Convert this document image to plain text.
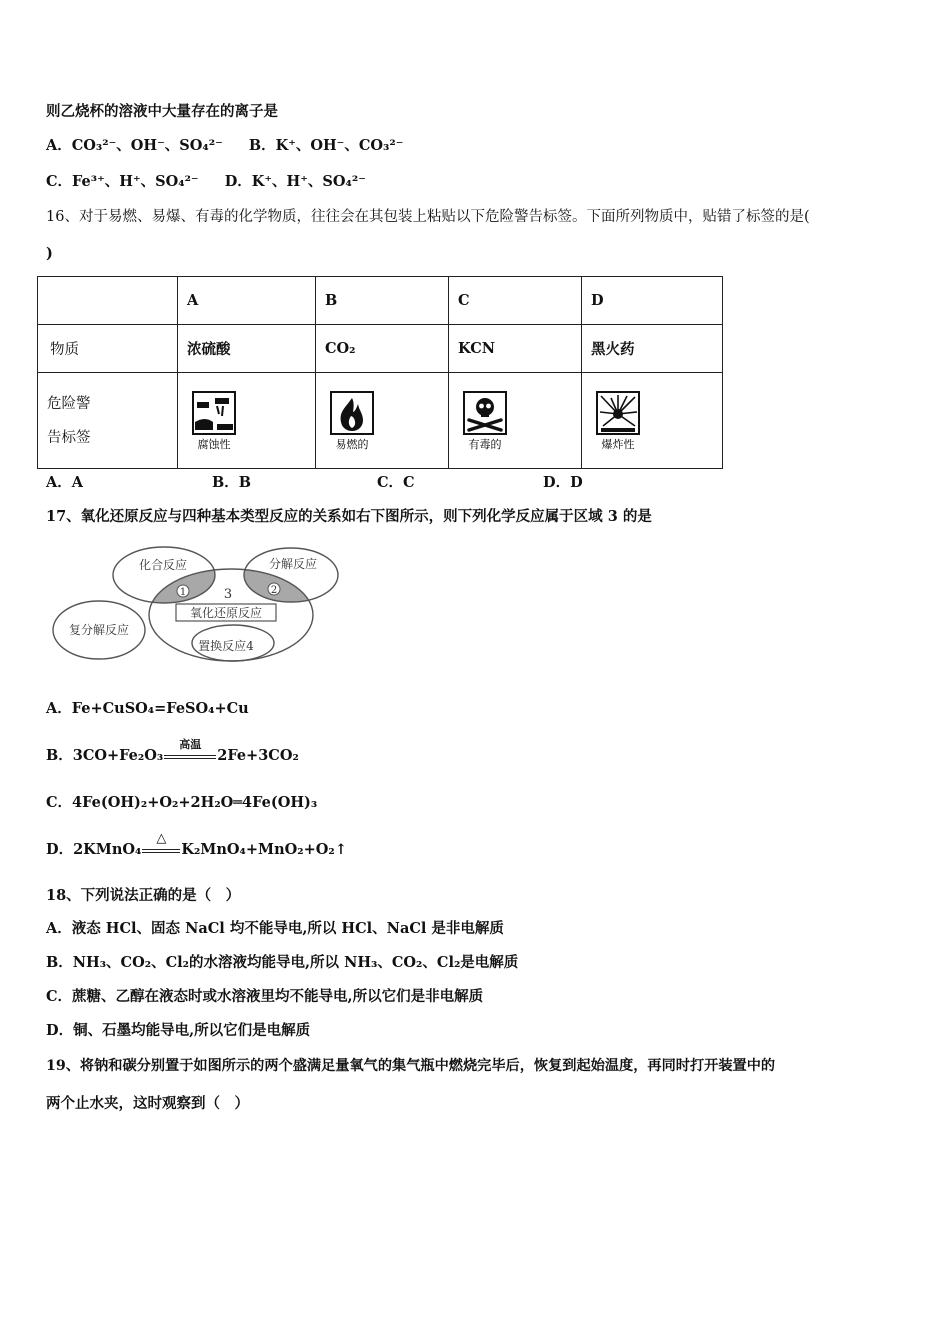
则乙烧杯的溶液中大量存在的离子是
A．CO₃²⁻、OH⁻、SO₄²⁻ B．K⁺、OH⁻、CO₃²⁻
C．Fe³⁺、H⁺、SO₄²⁻ D．K⁺、H⁺、SO₄²⁻
16、对于易燃、易爆、有毒的化学物质，往往会在其包装上粘贴以下危险警告标签。下面所列物质中，贴错了标签的是(
)
	A	B	C	D
物质	浓硫酸	CO₂	KCN	黑火药

危险警
告标签	腐蚀性	易燃的	有毒的	爆炸性
A．A	B．B	C．C	D．D
17、氧化还原反应与四种基本类型反应的关系如右下图所示，则下列化学反应属于区域 3 的是
化合反应	分解反应
复分解反应
氧化还原反应
置换反应4
1	2
3
A．Fe+CuSO₄=FeSO₄+Cu
B．3CO+Fe₂O₃
高温
2Fe+3CO₂
C．4Fe(OH)₂+O₂+2H₂O═4Fe(OH)₃
D．2KMnO₄
△
K₂MnO₄+MnO₂+O₂↑
18、下列说法正确的是（　）
A．液态 HCl、固态 NaCl 均不能导电,所以 HCl、NaCl 是非电解质
B．NH₃、CO₂、Cl₂的水溶液均能导电,所以 NH₃、CO₂、Cl₂是电解质
C．蔗糖、乙醇在液态时或水溶液里均不能导电,所以它们是非电解质
D．铜、石墨均能导电,所以它们是电解质
19、将钠和碳分别置于如图所示的两个盛满足量氧气的集气瓶中燃烧完毕后，恢复到起始温度，再同时打开装置中的
两个止水夹，这时观察到（　）
